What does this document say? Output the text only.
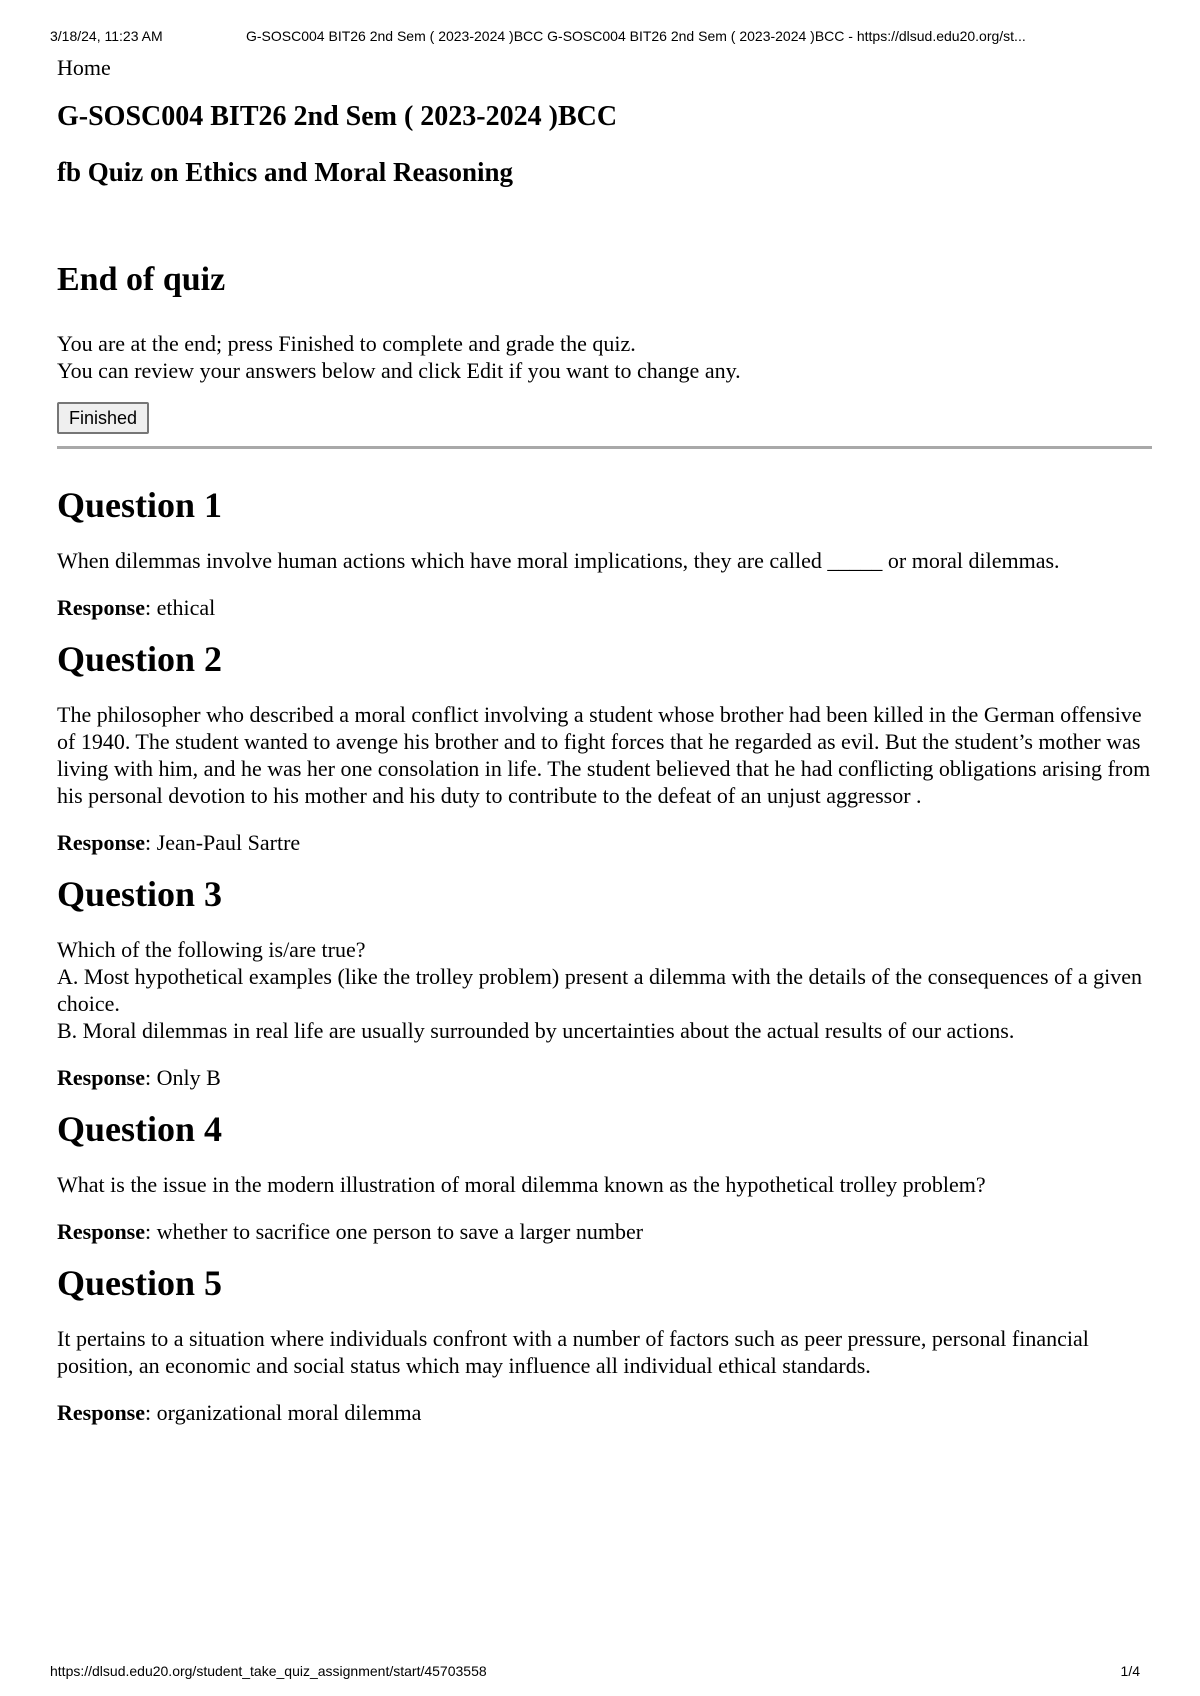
3/18/24, 11:23 AM	G-SOSC004 BIT26 2nd Sem ( 2023-2024 )BCC G-SOSC004 BIT26 2nd Sem ( 2023-2024 )BCC - https://dlsud.edu20.org/st...
Home
G-SOSC004 BIT26 2nd Sem ( 2023-2024 )BCC
fb Quiz on Ethics and Moral Reasoning
End of quiz
You are at the end; press Finished to complete and grade the quiz.
You can review your answers below and click Edit if you want to change any.
Finished
Question 1

When dilemmas involve human actions which have moral implications, they are called _____ or moral dilemmas.

Response: ethical

Question 2

The philosopher who described a moral conflict involving a student whose brother had been killed in the German offensive of 1940. The student wanted to avenge his brother and to fight forces that he regarded as evil. But the student’s mother was living with him, and he was her one consolation in life. The student believed that he had conflicting obligations arising from his personal devotion to his mother and his duty to contribute to the defeat of an unjust aggressor .

Response: Jean-Paul Sartre

Question 3
Which of the following is/are true?
A. Most hypothetical examples (like the trolley problem) present a dilemma with the details of the consequences of a given choice.
B. Moral dilemmas in real life are usually surrounded by uncertainties about the actual results of our actions.

Response: Only B

Question 4

What is the issue in the modern illustration of moral dilemma known as the hypothetical trolley problem?

Response: whether to sacrifice one person to save a larger number

Question 5

It pertains to a situation where individuals confront with a number of factors such as peer pressure, personal financial position, an economic and social status which may influence all individual ethical standards.

Response: organizational moral dilemma

https://dlsud.edu20.org/student_take_quiz_assignment/start/45703558	1/4
